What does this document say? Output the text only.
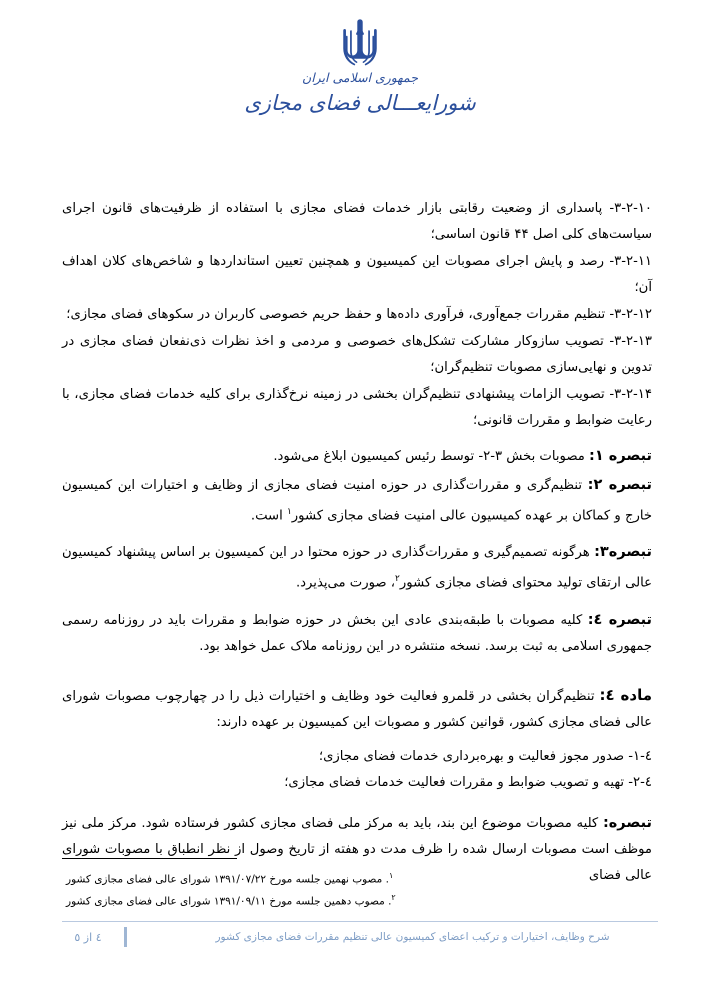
جمهوری اسلامی ایران
شورایعـــالی فضای مجازی

۳-۲-۱۰- پاسداری از وضعیت رقابتی بازار خدمات فضای مجازی با استفاده از ظرفیت‌های قانون اجرای سیاست‌های کلی اصل ۴۴ قانون اساسی؛

۳-۲-۱۱- رصد و پایش اجرای مصوبات این کمیسیون و همچنین تعیین استانداردها و شاخص‌های کلان اهداف آن؛

۳-۲-۱۲- تنظیم مقررات جمع‌آوری، فرآوری داده‌ها و حفظ حریم خصوصی کاربران در سکوهای فضای مجازی؛

۳-۲-۱۳- تصویب سازوکار مشارکت تشکل‌های خصوصی و مردمی و اخذ نظرات ذی‌نفعان فضای مجازی در تدوین و نهایی‌سازی مصوبات تنظیم‌گران؛

۳-۲-۱۴- تصویب الزامات پیشنهادی تنظیم‌گران بخشی در زمینه نرخ‌گذاری برای کلیه خدمات فضای مجازی، با رعایت ضوابط و مقررات قانونی؛

تبصره ۱: مصوبات بخش ۳-۲- توسط رئیس کمیسیون ابلاغ می‌شود.

تبصره ۲: تنظیم‌گری و مقررات‌گذاری در حوزه امنیت فضای مجازی از وظایف و اختیارات این کمیسیون خارج و کماکان بر عهده کمیسیون عالی امنیت فضای مجازی کشور$^۱$ است.

تبصره۳: هرگونه تصمیم‌گیری و مقررات‌گذاری در حوزه محتوا در این کمیسیون بر اساس پیشنهاد کمیسیون عالی ارتقای تولید محتوای فضای مجازی کشور$^۲$، صورت می‌پذیرد.

تبصره ٤: کلیه مصوبات با طبقه‌بندی عادی این بخش در حوزه ضوابط و مقررات باید در روزنامه رسمی جمهوری اسلامی به ثبت برسد. نسخه منتشره در این روزنامه ملاک عمل خواهد بود.

ماده ٤: تنظیم‌گران بخشی در قلمرو فعالیت خود وظایف و اختیارات ذیل را در چهارچوب مصوبات شورای عالی فضای مجازی کشور، قوانین کشور و مصوبات این کمیسیون بر عهده دارند:

٤-۱- صدور مجوز فعالیت و بهره‌برداری خدمات فضای مجازی؛

٤-۲- تهیه و تصویب ضوابط و مقررات فعالیت خدمات فضای مجازی؛

تبصره: کلیه مصوبات موضوع این بند، باید به مرکز ملی فضای مجازی کشور فرستاده شود. مرکز ملی نیز موظف است مصوبات ارسال شده را ظرف مدت دو هفته از تاریخ وصول از نظر انطباق با مصوبات شورای عالی فضای

$^۱$. مصوب نهمین جلسه مورخ ۱۳۹۱/۰۷/۲۲ شورای عالی فضای مجازی کشور

$^۲$. مصوب دهمین جلسه مورخ ۱۳۹۱/۰۹/۱۱ شورای عالی فضای مجازی کشور

شرح وظایف، اختیارات و ترکیب اعضای کمیسیون عالی تنظیم مقررات فضای مجازی کشور
٤ از ٥
